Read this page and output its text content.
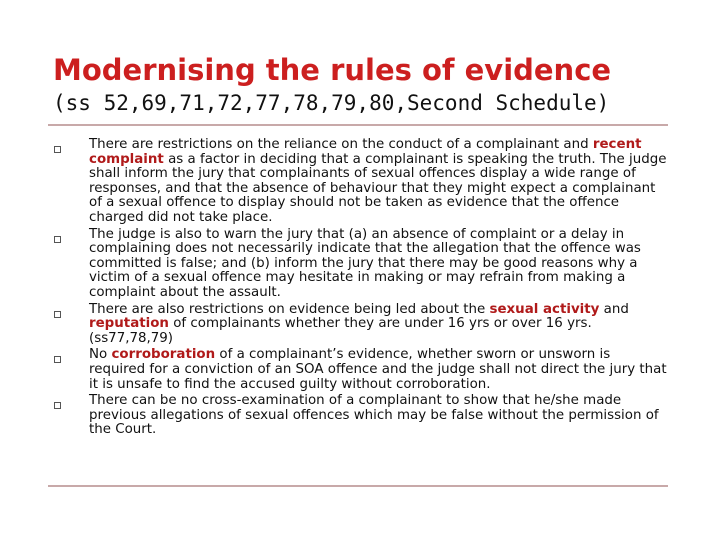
Modernising the rules of evidence
(ss 52,69,71,72,77,78,79,80,Second Schedule)
There are restrictions on the reliance on the conduct of a complainant and recent complaint as a factor in deciding that a complainant is speaking the truth. The judge shall inform the jury that complainants of sexual offences display a wide range of responses, and that the absence of behaviour that they might expect a complainant of a sexual offence to display should not be taken as evidence that the offence charged did not take place.
The judge is also to warn the jury that (a) an absence of complaint or a delay in complaining does not necessarily indicate that the allegation that the offence was committed is false; and (b) inform the jury that there may be good reasons why a victim of a sexual offence may hesitate in making or may refrain from making a complaint about the assault.
There are also restrictions on evidence being led about the sexual activity and reputation of complainants whether they are under 16 yrs or over 16 yrs. (ss77,78,79)
No corroboration of a complainant’s evidence, whether sworn or unsworn is required for a conviction of an SOA offence and the judge shall not direct the jury that it is unsafe to find the accused guilty without corroboration.
There can be no cross-examination of a complainant to show that he/she made previous allegations of sexual offences which may be false without the permission of the Court.
